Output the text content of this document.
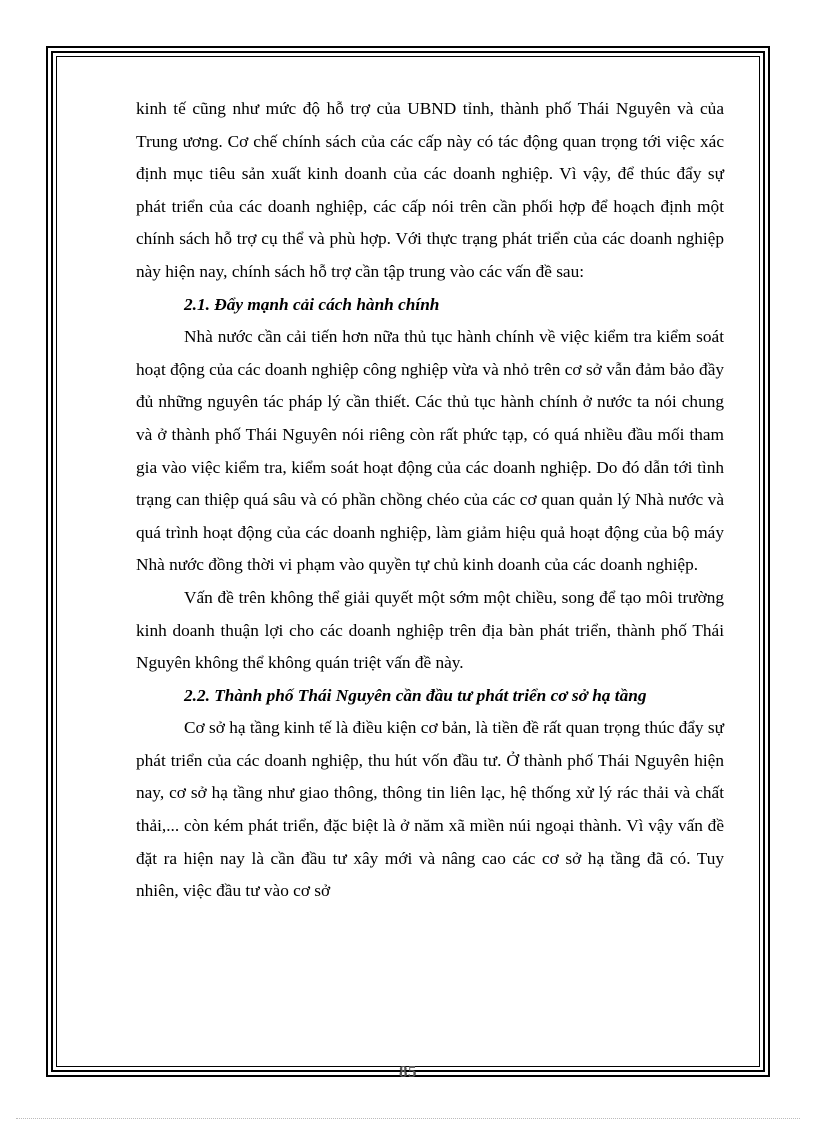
kinh tế cũng như mức độ hỗ trợ của UBND tỉnh, thành phố Thái Nguyên và của Trung ương. Cơ chế chính sách của các cấp này có tác động quan trọng tới việc xác định mục tiêu sản xuất kinh doanh của các doanh nghiệp. Vì vậy, để thúc đẩy sự phát triển của các doanh nghiệp, các cấp nói trên cần phối hợp để hoạch định một chính sách hỗ trợ cụ thể và phù hợp. Với thực trạng phát triển của các doanh nghiệp này hiện nay, chính sách hỗ trợ cần tập trung vào các vấn đề sau:

2.1. Đẩy mạnh cải cách hành chính

Nhà nước cần cải tiến hơn nữa thủ tục hành chính về việc kiểm tra kiểm soát hoạt động của các doanh nghiệp công nghiệp vừa và nhỏ trên cơ sở vẫn đảm bảo đầy đủ những nguyên tác pháp lý cần thiết. Các thủ tục hành chính ở nước ta nói chung và ở thành phố Thái Nguyên nói riêng còn rất phức tạp, có quá nhiều đầu mối tham gia vào việc kiểm tra, kiểm soát hoạt động của các doanh nghiệp. Do đó dẫn tới tình trạng can thiệp quá sâu và có phần chồng chéo của các cơ quan quản lý Nhà nước và quá trình hoạt động của các doanh nghiệp, làm giảm hiệu quả hoạt động của bộ máy Nhà nước đồng thời vi phạm vào quyền tự chủ kinh doanh của các doanh nghiệp.

Vấn đề trên không thể giải quyết một sớm một chiều, song để tạo môi trường kinh doanh thuận lợi cho các doanh nghiệp trên địa bàn phát triển, thành phố Thái Nguyên không thể không quán triệt vấn đề này.

2.2. Thành phố Thái Nguyên cần đầu tư phát triển cơ sở hạ tầng

Cơ sở hạ tầng kinh tế là điều kiện cơ bản, là tiền đề rất quan trọng thúc đẩy sự phát triển của các doanh nghiệp, thu hút vốn đầu tư. Ở thành phố Thái Nguyên hiện nay, cơ sở hạ tầng như giao thông, thông tin liên lạc, hệ thống xử lý rác thải và chất thải,... còn kém phát triển, đặc biệt là ở năm xã miền núi ngoại thành. Vì vậy vấn đề đặt ra hiện nay là cần đầu tư xây mới và nâng cao các cơ sở hạ tầng đã có. Tuy nhiên, việc đầu tư vào cơ sở

85
